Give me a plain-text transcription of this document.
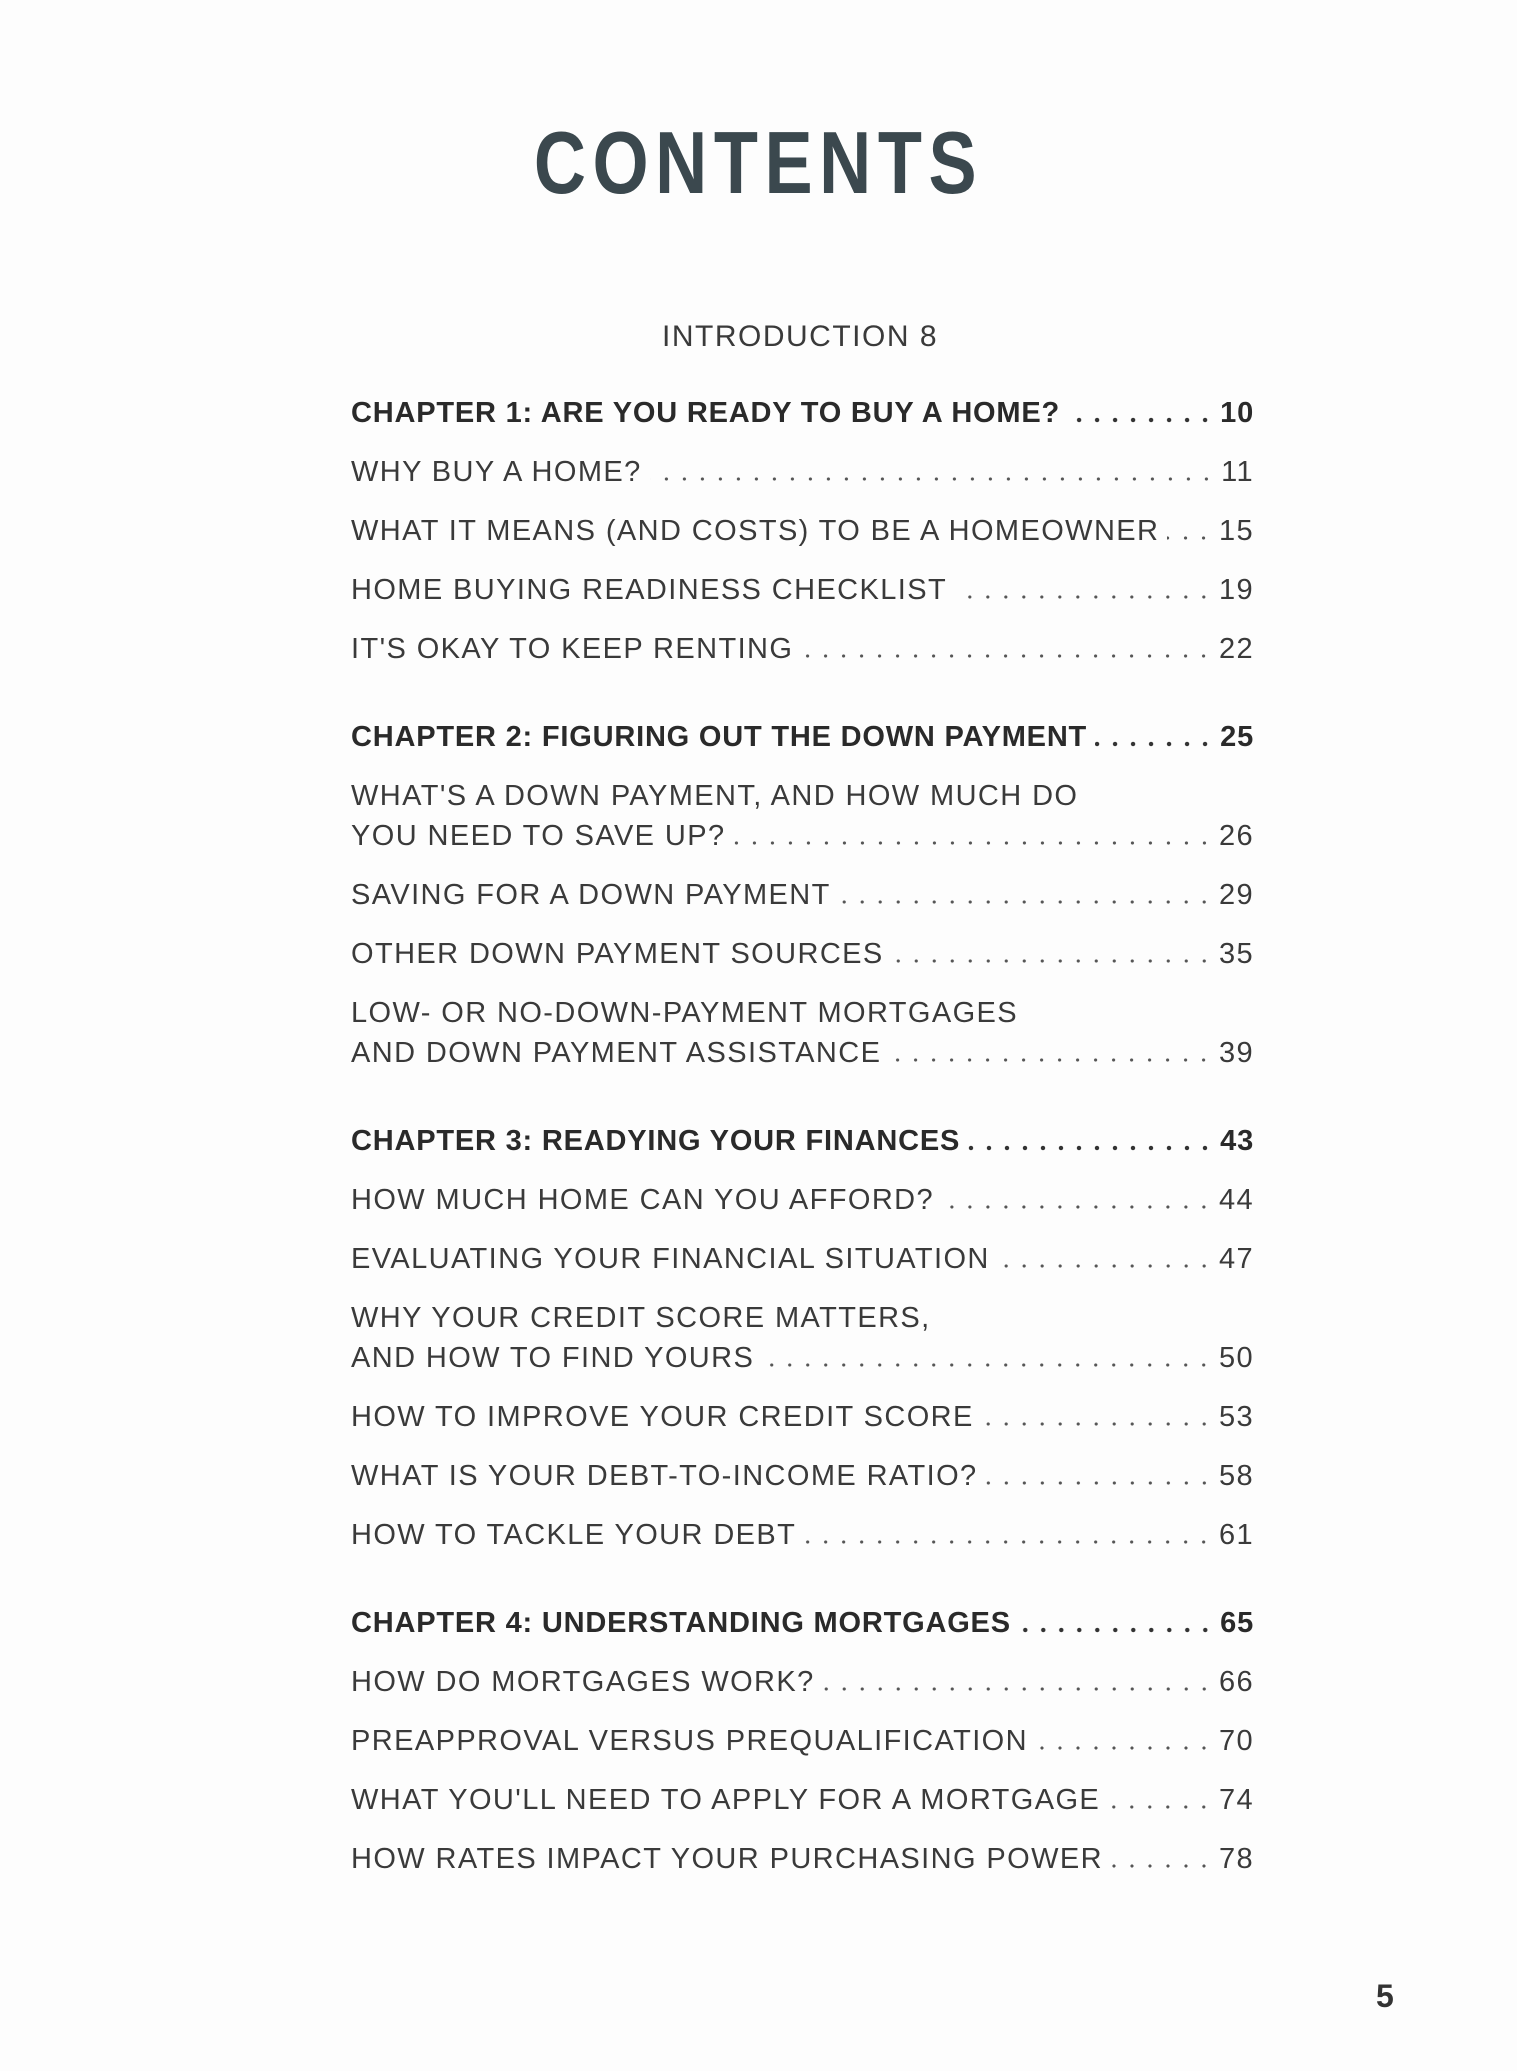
CONTENTS
INTRODUCTION 8
CHAPTER 1: ARE YOU READY TO BUY A HOME?	10
WHY BUY A HOME?	11
WHAT IT MEANS (AND COSTS) TO BE A HOMEOWNER 15
HOME BUYING READINESS CHECKLIST	19
IT'S OKAY TO KEEP RENTING	22
CHAPTER 2: FIGURING OUT THE DOWN PAYMENT	25
WHAT'S A DOWN PAYMENT, AND HOW MUCH DO
YOU NEED TO SAVE UP?	26
SAVING FOR A DOWN PAYMENT	29
OTHER DOWN PAYMENT SOURCES	35
LOW- OR NO-DOWN-PAYMENT MORTGAGES
AND DOWN PAYMENT ASSISTANCE	39
CHAPTER 3: READYING YOUR FINANCES	43
HOW MUCH HOME CAN YOU AFFORD?	44
EVALUATING YOUR FINANCIAL SITUATION	47
WHY YOUR CREDIT SCORE MATTERS,
AND HOW TO FIND YOURS	50
HOW TO IMPROVE YOUR CREDIT SCORE	53
WHAT IS YOUR DEBT-TO-INCOME RATIO?	58
HOW TO TACKLE YOUR DEBT	61
CHAPTER 4: UNDERSTANDING MORTGAGES	65
HOW DO MORTGAGES WORK?	66
PREAPPROVAL VERSUS PREQUALIFICATION	70
WHAT YOU'LL NEED TO APPLY FOR A MORTGAGE	74
HOW RATES IMPACT YOUR PURCHASING POWER	78
5
